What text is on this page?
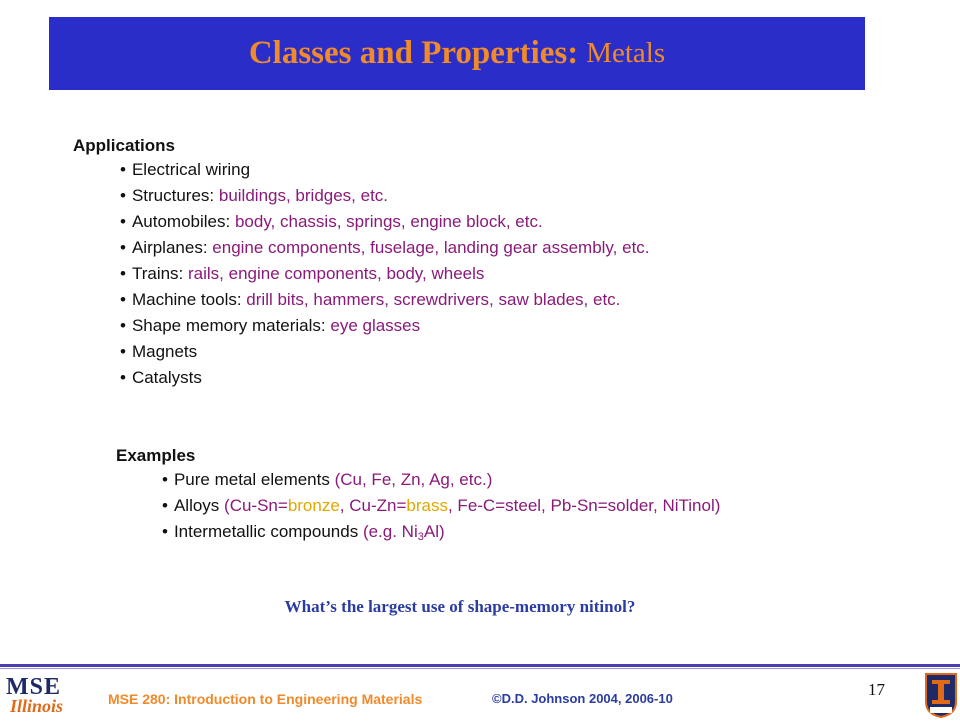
Classes and Properties: Metals
Applications
• Electrical wiring
• Structures: buildings, bridges, etc.
• Automobiles: body, chassis, springs, engine block, etc.
• Airplanes: engine components, fuselage, landing gear assembly, etc.
• Trains: rails, engine components, body, wheels
• Machine tools: drill bits, hammers, screwdrivers, saw blades, etc.
• Shape memory materials: eye glasses
• Magnets
• Catalysts
Examples
• Pure metal elements (Cu, Fe, Zn, Ag, etc.)
• Alloys (Cu-Sn=bronze, Cu-Zn=brass, Fe-C=steel, Pb-Sn=solder, NiTinol)
• Intermetallic compounds (e.g. $Ni_3Al$)
What’s the largest use of shape-memory nitinol?
MSE
Illinois	MSE 280: Introduction to Engineering Materials	©D.D. Johnson 2004, 2006-10	17
